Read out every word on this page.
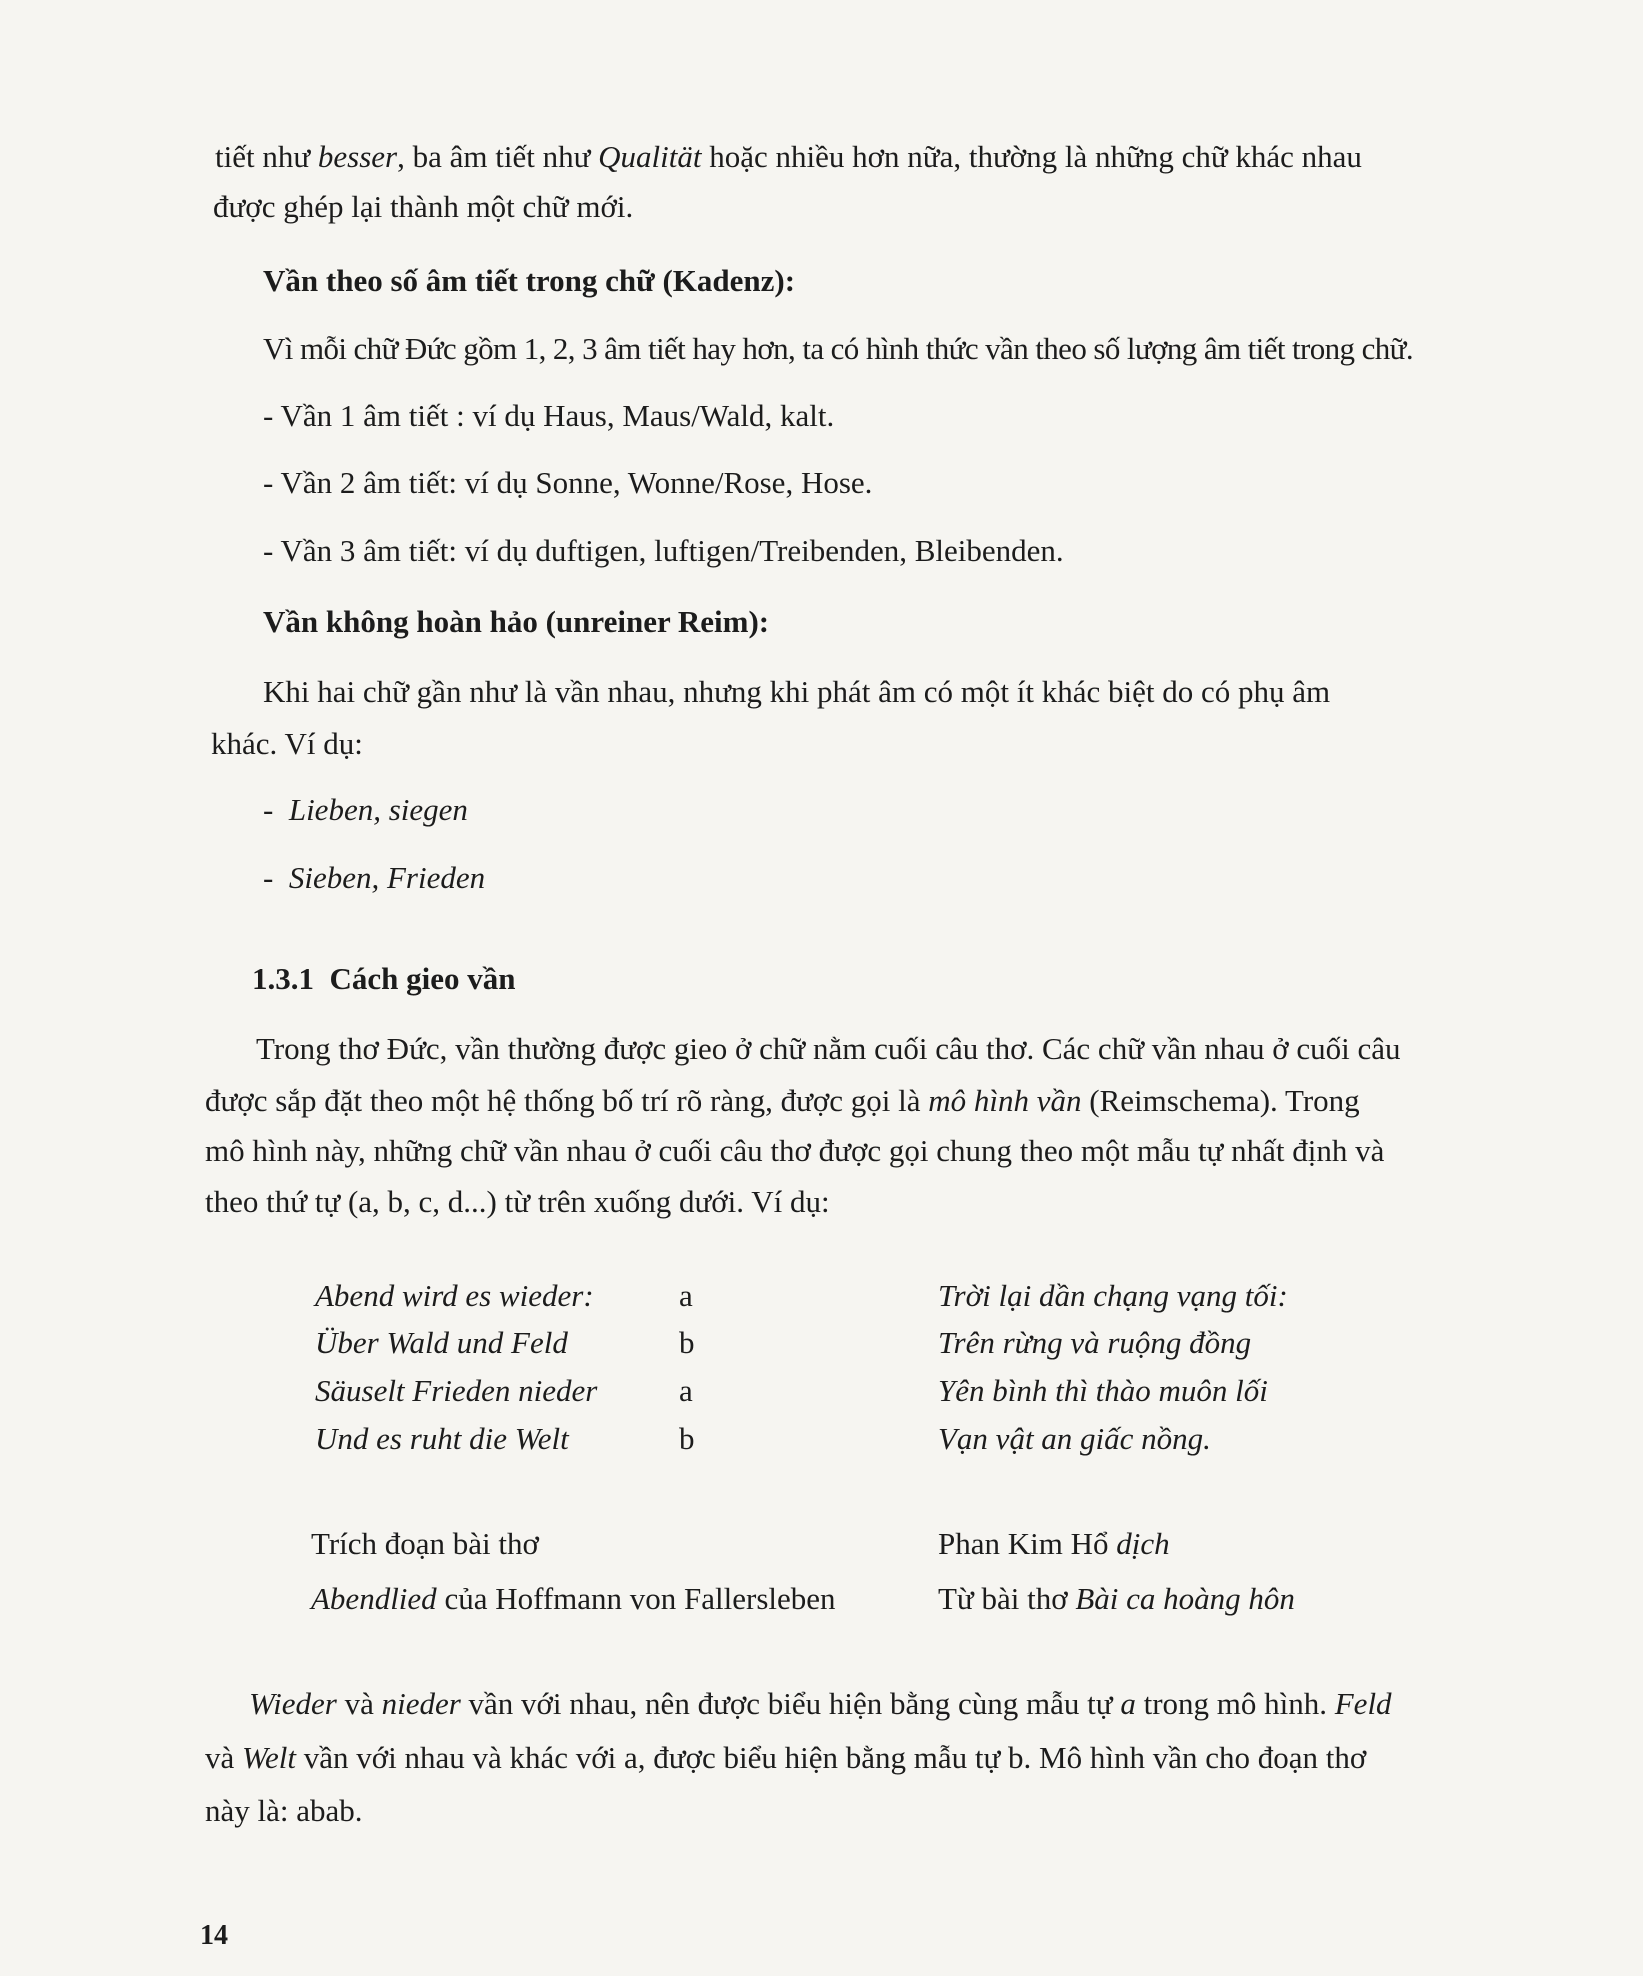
tiết như besser, ba âm tiết như Qualität hoặc nhiều hơn nữa, thường là những chữ khác nhau
được ghép lại thành một chữ mới.
Vần theo số âm tiết trong chữ (Kadenz):
Vì mỗi chữ Đức gồm 1, 2, 3 âm tiết hay hơn, ta có hình thức vần theo số lượng âm tiết trong chữ.
- Vần 1 âm tiết : ví dụ Haus, Maus/Wald, kalt.
- Vần 2 âm tiết: ví dụ Sonne, Wonne/Rose, Hose.
- Vần 3 âm tiết: ví dụ duftigen, luftigen/Treibenden, Bleibenden.
Vần không hoàn hảo (unreiner Reim):
Khi hai chữ gần như là vần nhau, nhưng khi phát âm có một ít khác biệt do có phụ âm
khác. Ví dụ:
- Lieben, siegen
- Sieben, Frieden
1.3.1 Cách gieo vần
Trong thơ Đức, vần thường được gieo ở chữ nằm cuối câu thơ. Các chữ vần nhau ở cuối câu
được sắp đặt theo một hệ thống bố trí rõ ràng, được gọi là mô hình vần (Reimschema). Trong
mô hình này, những chữ vần nhau ở cuối câu thơ được gọi chung theo một mẫu tự nhất định và
theo thứ tự (a, b, c, d...) từ trên xuống dưới. Ví dụ:
Abend wird es wieder:
Über Wald und Feld
Säuselt Frieden nieder
Und es ruht die Welt
a
b
a
b
Trời lại dần chạng vạng tối:
Trên rừng và ruộng đồng
Yên bình thì thào muôn lối
Vạn vật an giấc nồng.
Trích đoạn bài thơ
Abendlied của Hoffmann von Fallersleben
Phan Kim Hổ dịch
Từ bài thơ Bài ca hoàng hôn
Wieder và nieder vần với nhau, nên được biểu hiện bằng cùng mẫu tự a trong mô hình. Feld
và Welt vần với nhau và khác với a, được biểu hiện bằng mẫu tự b. Mô hình vần cho đoạn thơ
này là: abab.
14
